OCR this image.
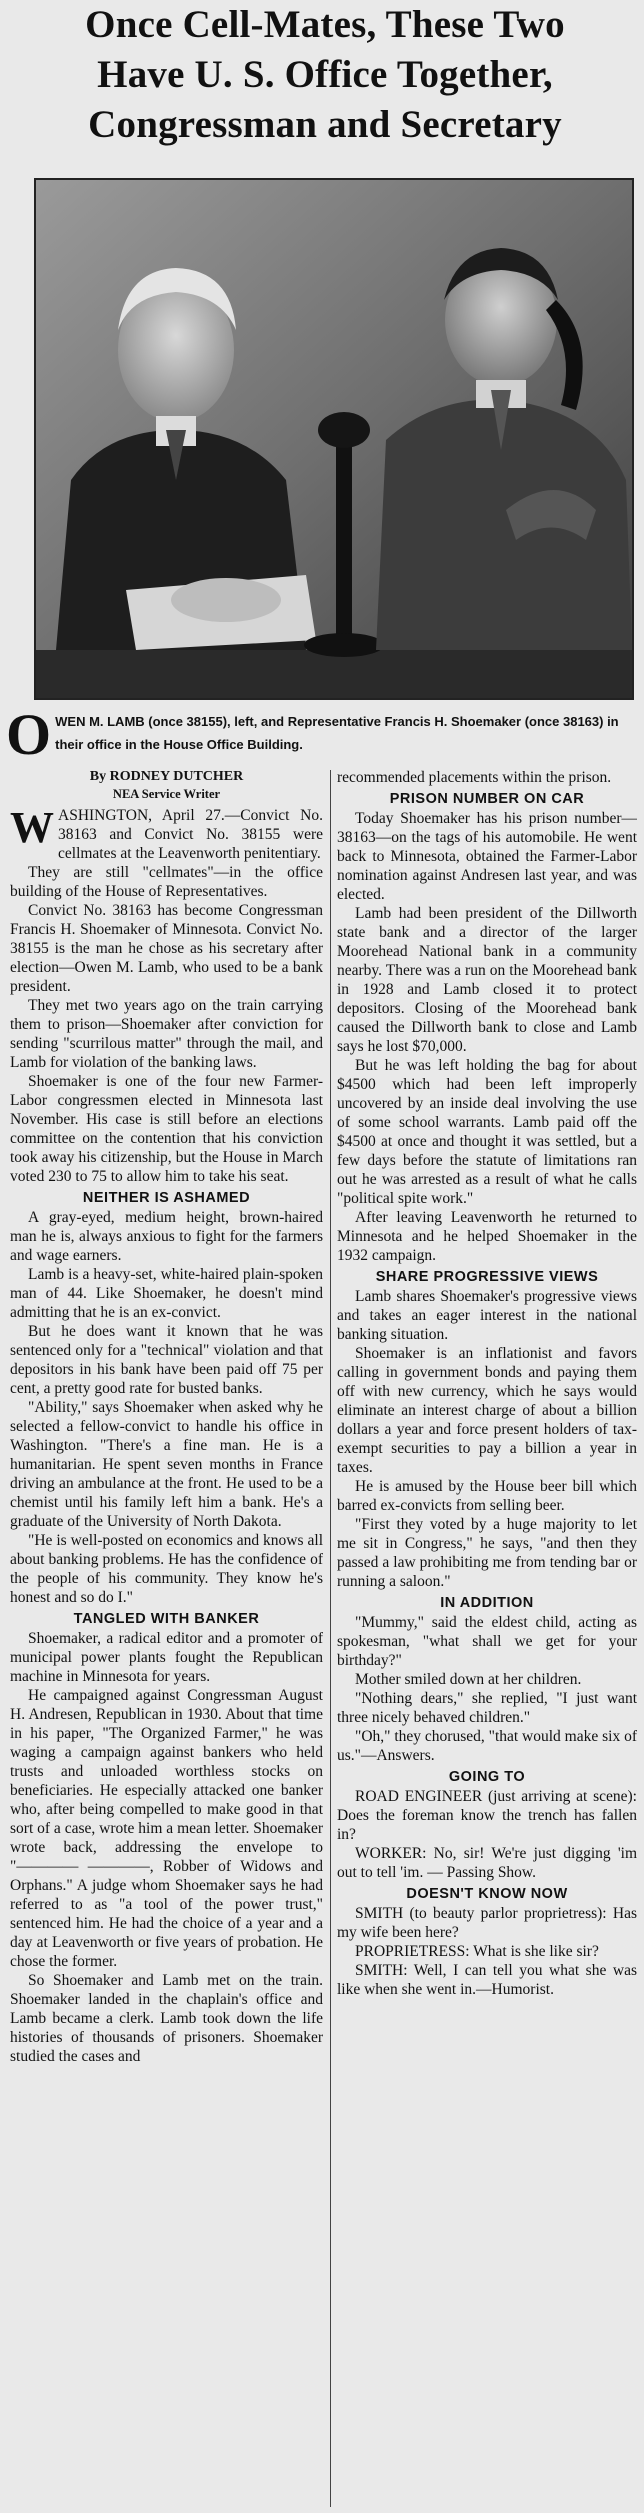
Once Cell-Mates, These Two
Have U. S. Office Together,
Congressman and Secretary
O WEN M. LAMB (once 38155), left, and Representative Francis H. Shoemaker (once 38163) in their office in the House Office Building.

By RODNEY DUTCHER

NEA Service Writer

WASHINGTON, April 27.—Convict No. 38163 and Convict No. 38155 were cellmates at the Leavenworth penitentiary.

They are still "cellmates"—in the office building of the House of Representatives.

Convict No. 38163 has become Congressman Francis H. Shoemaker of Minnesota. Convict No. 38155 is the man he chose as his secretary after election—Owen M. Lamb, who used to be a bank president.

They met two years ago on the train carrying them to prison—Shoemaker after conviction for sending "scurrilous matter" through the mail, and Lamb for violation of the banking laws.

Shoemaker is one of the four new Farmer-Labor congressmen elected in Minnesota last November. His case is still before an elections committee on the contention that his conviction took away his citizenship, but the House in March voted 230 to 75 to allow him to take his seat.

NEITHER IS ASHAMED

A gray-eyed, medium height, brown-haired man he is, always anxious to fight for the farmers and wage earners.

Lamb is a heavy-set, white-haired plain-spoken man of 44. Like Shoemaker, he doesn't mind admitting that he is an ex-convict.

But he does want it known that he was sentenced only for a "technical" violation and that depositors in his bank have been paid off 75 per cent, a pretty good rate for busted banks.

"Ability," says Shoemaker when asked why he selected a fellow-convict to handle his office in Washington. "There's a fine man. He is a humanitarian. He spent seven months in France driving an ambulance at the front. He used to be a chemist until his family left him a bank. He's a graduate of the University of North Dakota.

"He is well-posted on economics and knows all about banking problems. He has the confidence of the people of his community. They know he's honest and so do I."

TANGLED WITH BANKER

Shoemaker, a radical editor and a promoter of municipal power plants fought the Republican machine in Minnesota for years.

He campaigned against Congressman August H. Andresen, Republican in 1930. About that time in his paper, "The Organized Farmer," he was waging a campaign against bankers who held trusts and unloaded worthless stocks on beneficiaries. He especially attacked one banker who, after being compelled to make good in that sort of a case, wrote him a mean letter. Shoemaker wrote back, addressing the envelope to "———— ————, Robber of Widows and Orphans." A judge whom Shoemaker says he had referred to as "a tool of the power trust," sentenced him. He had the choice of a year and a day at Leavenworth or five years of probation. He chose the former.

So Shoemaker and Lamb met on the train. Shoemaker landed in the chaplain's office and Lamb became a clerk. Lamb took down the life histories of thousands of prisoners. Shoemaker studied the cases and

recommended placements within the prison.

PRISON NUMBER ON CAR

Today Shoemaker has his prison number—38163—on the tags of his automobile. He went back to Minnesota, obtained the Farmer-Labor nomination against Andresen last year, and was elected.

Lamb had been president of the Dillworth state bank and a director of the larger Moorehead National bank in a community nearby. There was a run on the Moorehead bank in 1928 and Lamb closed it to protect depositors. Closing of the Moorehead bank caused the Dillworth bank to close and Lamb says he lost $70,000.

But he was left holding the bag for about $4500 which had been left improperly uncovered by an inside deal involving the use of some school warrants. Lamb paid off the $4500 at once and thought it was settled, but a few days before the statute of limitations ran out he was arrested as a result of what he calls "political spite work."

After leaving Leavenworth he returned to Minnesota and he helped Shoemaker in the 1932 campaign.

SHARE PROGRESSIVE VIEWS

Lamb shares Shoemaker's progressive views and takes an eager interest in the national banking situation.

Shoemaker is an inflationist and favors calling in government bonds and paying them off with new currency, which he says would eliminate an interest charge of about a billion dollars a year and force present holders of tax-exempt securities to pay a billion a year in taxes.

He is amused by the House beer bill which barred ex-convicts from selling beer.

"First they voted by a huge majority to let me sit in Congress," he says, "and then they passed a law prohibiting me from tending bar or running a saloon."

IN ADDITION

"Mummy," said the eldest child, acting as spokesman, "what shall we get for your birthday?"

Mother smiled down at her children.

"Nothing dears," she replied, "I just want three nicely behaved children."

"Oh," they chorused, "that would make six of us."—Answers.

GOING TO

ROAD ENGINEER (just arriving at scene): Does the foreman know the trench has fallen in?

WORKER: No, sir! We're just digging 'im out to tell 'im. — Passing Show.

DOESN'T KNOW NOW

SMITH (to beauty parlor proprietress): Has my wife been here?

PROPRIETRESS: What is she like sir?

SMITH: Well, I can tell you what she was like when she went in.—Humorist.
